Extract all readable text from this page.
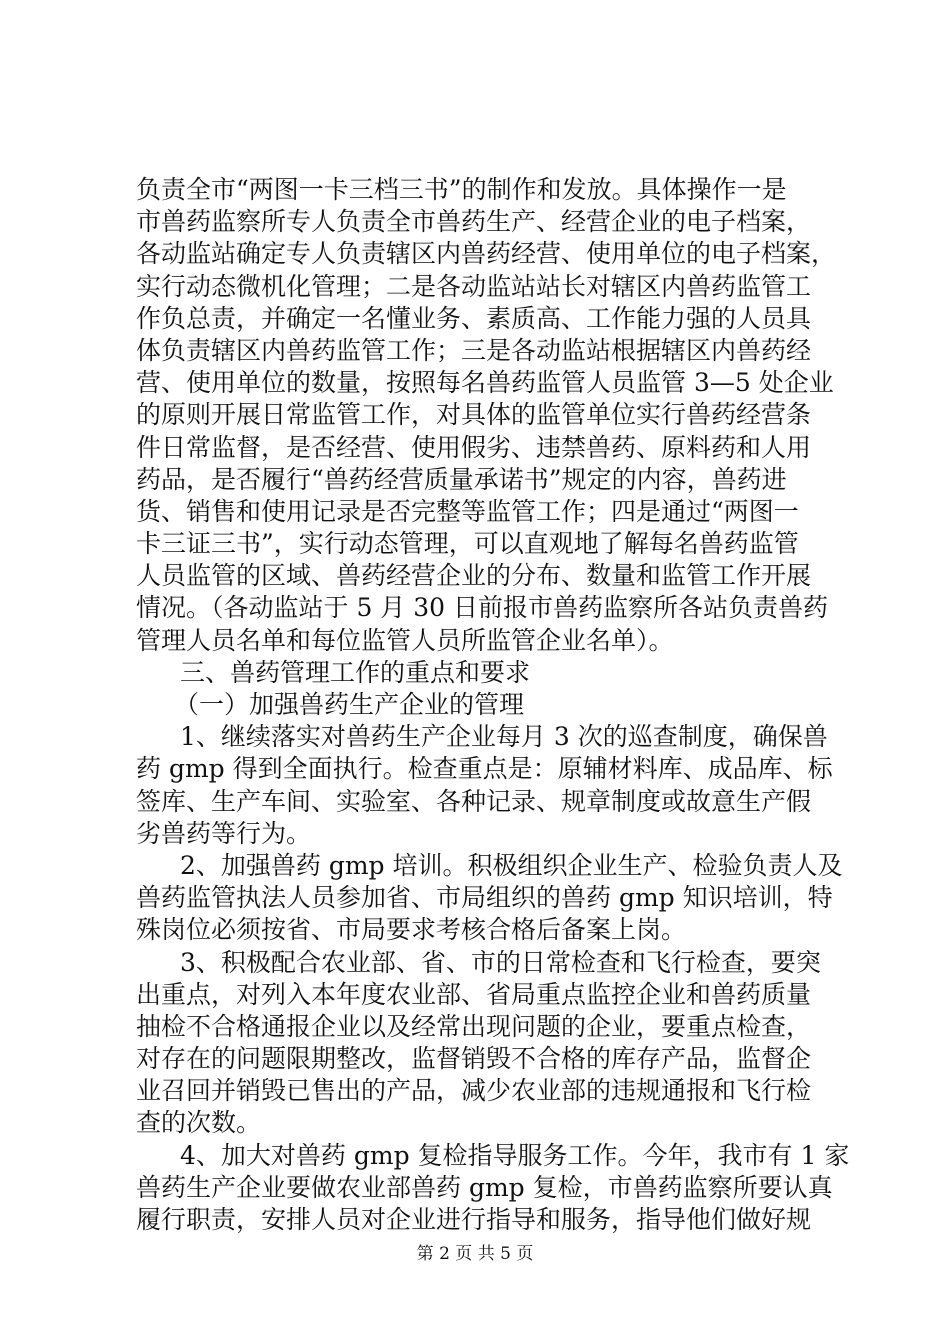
负责全市“两图一卡三档三书”的制作和发放。具体操作一是
市兽药监察所专人负责全市兽药生产、经营企业的电子档案，
各动监站确定专人负责辖区内兽药经营、使用单位的电子档案，
实行动态微机化管理；二是各动监站站长对辖区内兽药监管工
作负总责，并确定一名懂业务、素质高、工作能力强的人员具
体负责辖区内兽药监管工作；三是各动监站根据辖区内兽药经
营、使用单位的数量，按照每名兽药监管人员监管 3—5 处企业
的原则开展日常监管工作，对具体的监管单位实行兽药经营条
件日常监督，是否经营、使用假劣、违禁兽药、原料药和人用
药品，是否履行“兽药经营质量承诺书”规定的内容，兽药进
货、销售和使用记录是否完整等监管工作；四是通过“两图一
卡三证三书”，实行动态管理，可以直观地了解每名兽药监管
人员监管的区域、兽药经营企业的分布、数量和监管工作开展
情况。（各动监站于 5 月 30 日前报市兽药监察所各站负责兽药
管理人员名单和每位监管人员所监管企业名单）。
三、兽药管理工作的重点和要求
（一）加强兽药生产企业的管理
1、继续落实对兽药生产企业每月 3 次的巡查制度，确保兽
药 gmp 得到全面执行。检查重点是：原辅材料库、成品库、标
签库、生产车间、实验室、各种记录、规章制度或故意生产假
劣兽药等行为。
2、加强兽药 gmp 培训。积极组织企业生产、检验负责人及
兽药监管执法人员参加省、市局组织的兽药 gmp 知识培训，特
殊岗位必须按省、市局要求考核合格后备案上岗。
3、积极配合农业部、省、市的日常检查和飞行检查，要突
出重点，对列入本年度农业部、省局重点监控企业和兽药质量
抽检不合格通报企业以及经常出现问题的企业，要重点检查，
对存在的问题限期整改，监督销毁不合格的库存产品，监督企
业召回并销毁已售出的产品，减少农业部的违规通报和飞行检
查的次数。
4、加大对兽药 gmp 复检指导服务工作。今年，我市有 1 家
兽药生产企业要做农业部兽药 gmp 复检，市兽药监察所要认真
履行职责，安排人员对企业进行指导和服务，指导他们做好规
第 2 页 共 5 页
